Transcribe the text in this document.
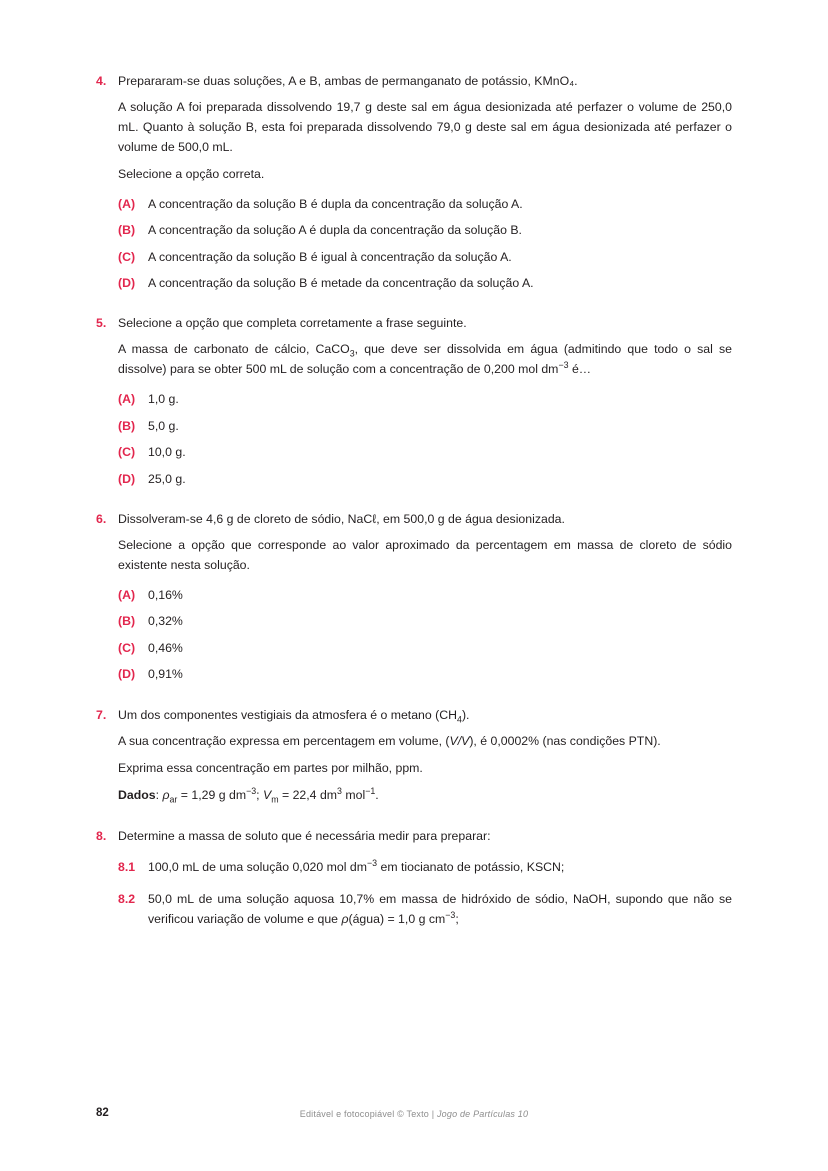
4. Prepararam-se duas soluções, A e B, ambas de permanganato de potássio, KMnO₄.
A solução A foi preparada dissolvendo 19,7 g deste sal em água desionizada até perfazer o volume de 250,0 mL. Quanto à solução B, esta foi preparada dissolvendo 79,0 g deste sal em água desionizada até perfazer o volume de 500,0 mL.
Selecione a opção correta.
(A)	A concentração da solução B é dupla da concentração da solução A.
(B)	A concentração da solução A é dupla da concentração da solução B.
(C)	A concentração da solução B é igual à concentração da solução A.
(D)	A concentração da solução B é metade da concentração da solução A.
5. Selecione a opção que completa corretamente a frase seguinte.
A massa de carbonato de cálcio, CaCO$_3$, que deve ser dissolvida em água (admitindo que todo o sal se dissolve) para se obter 500 mL de solução com a concentração de 0,200 mol $dm^{-3}$ é…
(A)	1,0 g.
(B)	5,0 g.
(C)	10,0 g.
(D)	25,0 g.
6. Dissolveram-se 4,6 g de cloreto de sódio, NaCℓ, em 500,0 g de água desionizada.
Selecione a opção que corresponde ao valor aproximado da percentagem em massa de cloreto de sódio existente nesta solução.
(A)	0,16%
(B)	0,32%
(C)	0,46%
(D)	0,91%
7. Um dos componentes vestigiais da atmosfera é o metano $(CH_4)$.
A sua concentração expressa em percentagem em volume, (V/V), é 0,0002% (nas condições PTN).
Exprima essa concentração em partes por milhão, ppm.
Dados: $\rho_{ar} = 1,29$ g $dm^{-3}$; $V_m = 22,4$ $dm^3$ mol$^{-1}$.
8. Determine a massa de soluto que é necessária medir para preparar:
8.1	100,0 mL de uma solução 0,020 mol $dm^{-3}$ em tiocianato de potássio, KSCN;
8.2	50,0 mL de uma solução aquosa 10,7% em massa de hidróxido de sódio, NaOH, supondo que não se verificou variação de volume e que ρ(água) = 1,0 g $cm^{-3}$;
82	Editável e fotocopiável © Texto | Jogo de Partículas 10
